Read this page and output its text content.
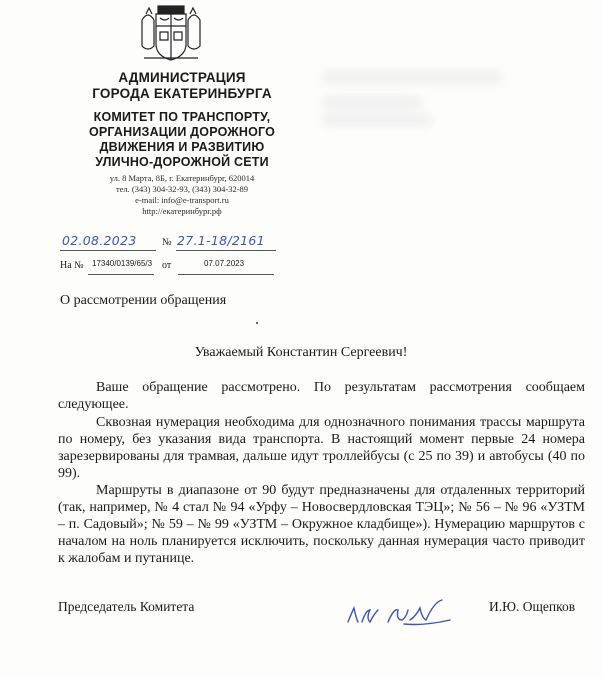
АДМИНИСТРАЦИЯ
ГОРОДА ЕКАТЕРИНБУРГА
КОМИТЕТ ПО ТРАНСПОРТУ,
ОРГАНИЗАЦИИ ДОРОЖНОГО
ДВИЖЕНИЯ И РАЗВИТИЮ
УЛИЧНО-ДОРОЖНОЙ СЕТИ
ул. 8 Марта, 8Б, г. Екатеринбург, 620014
тел. (343) 304-32-93, (343) 304-32-89
e-mail: info@e-transport.ru
http://екатеринбург.рф
02.08.2023	№ 27.1-18/2161
На № 17340/0139/65/3 от	07.07.2023
О рассмотрении обращения
Уважаемый Константин Сергеевич!
Ваше обращение рассмотрено. По результатам рассмотрения сообщаем следующее.
Сквозная нумерация необходима для однозначного понимания трассы маршрута по номеру, без указания вида транспорта. В настоящий момент первые 24 номера зарезервированы для трамвая, дальше идут троллейбусы (с 25 по 39) и автобусы (40 по 99).
Маршруты в диапазоне от 90 будут предназначены для отдаленных территорий (так, например, № 4 стал № 94 «Урфу – Новосвердловская ТЭЦ»; № 56 – № 96 «УЗТМ – п. Садовый»; № 59 – № 99 «УЗТМ – Окружное кладбище»). Нумерацию маршрутов с началом на ноль планируется исключить, поскольку данная нумерация часто приводит к жалобам и путанице.
Председатель Комитета	И.Ю. Ощепков
